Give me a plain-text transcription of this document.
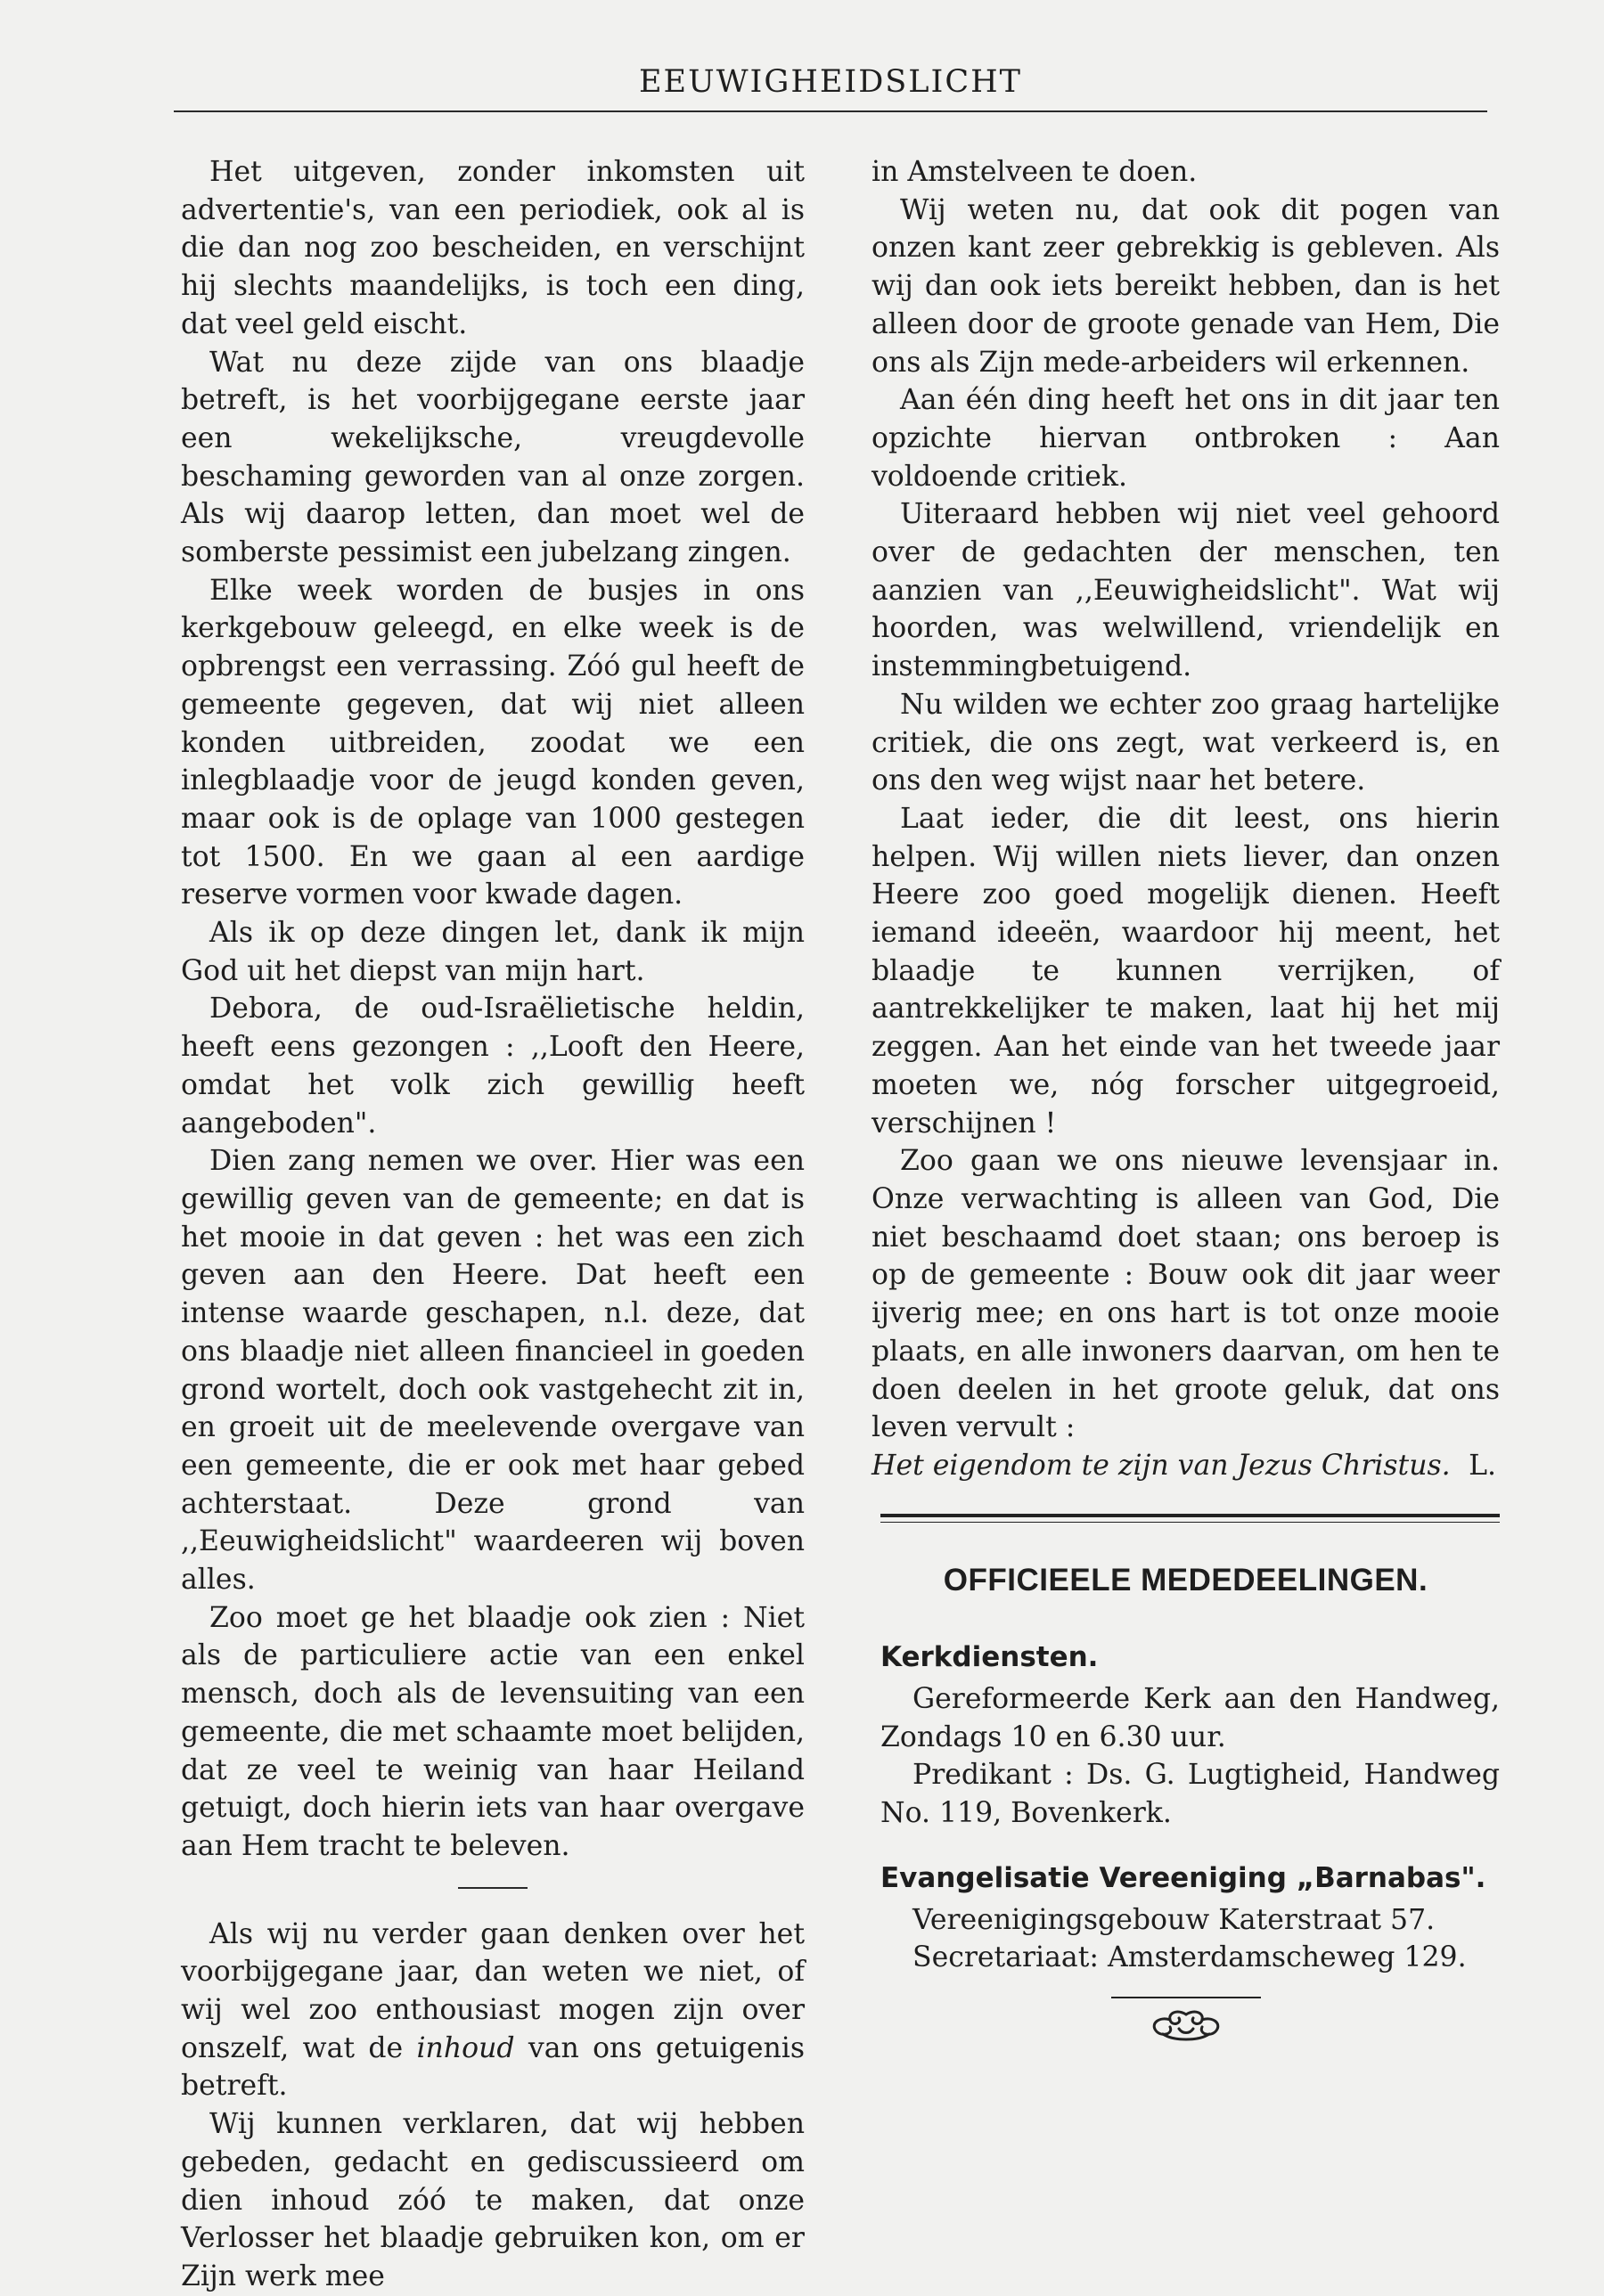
EEUWIGHEIDSLICHT

Het uitgeven, zonder inkomsten uit advertentie's, van een periodiek, ook al is die dan nog zoo bescheiden, en verschijnt hij slechts maandelijks, is toch een ding, dat veel geld eischt.

Wat nu deze zijde van ons blaadje betreft, is het voorbijgegane eerste jaar een wekelijksche, vreugdevolle beschaming geworden van al onze zorgen. Als wij daarop letten, dan moet wel de somberste pessimist een jubelzang zingen.

Elke week worden de busjes in ons kerkgebouw geleegd, en elke week is de opbrengst een verrassing. Zóó gul heeft de gemeente gegeven, dat wij niet alleen konden uitbreiden, zoodat we een inlegblaadje voor de jeugd konden geven, maar ook is de oplage van 1000 gestegen tot 1500. En we gaan al een aardige reserve vormen voor kwade dagen.

Als ik op deze dingen let, dank ik mijn God uit het diepst van mijn hart.

Debora, de oud-Israëlietische heldin, heeft eens gezongen : ,,Looft den Heere, omdat het volk zich gewillig heeft aangeboden".

Dien zang nemen we over. Hier was een gewillig geven van de gemeente; en dat is het mooie in dat geven : het was een zich geven aan den Heere. Dat heeft een intense waarde geschapen, n.l. deze, dat ons blaadje niet alleen financieel in goeden grond wortelt, doch ook vastgehecht zit in, en groeit uit de meelevende overgave van een gemeente, die er ook met haar gebed achterstaat. Deze grond van ,,Eeuwigheidslicht" waardeeren wij boven alles.

Zoo moet ge het blaadje ook zien : Niet als de particuliere actie van een enkel mensch, doch als de levensuiting van een gemeente, die met schaamte moet belijden, dat ze veel te weinig van haar Heiland getuigt, doch hierin iets van haar overgave aan Hem tracht te beleven.

Als wij nu verder gaan denken over het voorbijgegane jaar, dan weten we niet, of wij wel zoo enthousiast mogen zijn over onszelf, wat de inhoud van ons getuigenis betreft.

Wij kunnen verklaren, dat wij hebben gebeden, gedacht en gediscussieerd om dien inhoud zóó te maken, dat onze Verlosser het blaadje gebruiken kon, om er Zijn werk mee

in Amstelveen te doen.

Wij weten nu, dat ook dit pogen van onzen kant zeer gebrekkig is gebleven. Als wij dan ook iets bereikt hebben, dan is het alleen door de groote genade van Hem, Die ons als Zijn mede-arbeiders wil erkennen.

Aan één ding heeft het ons in dit jaar ten opzichte hiervan ontbroken : Aan voldoende critiek.

Uiteraard hebben wij niet veel gehoord over de gedachten der menschen, ten aanzien van ,,Eeuwigheidslicht". Wat wij hoorden, was welwillend, vriendelijk en instemmingbetuigend.

Nu wilden we echter zoo graag hartelijke critiek, die ons zegt, wat verkeerd is, en ons den weg wijst naar het betere.

Laat ieder, die dit leest, ons hierin helpen. Wij willen niets liever, dan onzen Heere zoo goed mogelijk dienen. Heeft iemand ideeën, waardoor hij meent, het blaadje te kunnen verrijken, of aantrekkelijker te maken, laat hij het mij zeggen. Aan het einde van het tweede jaar moeten we, nóg forscher uitgegroeid, verschijnen !

Zoo gaan we ons nieuwe levensjaar in. Onze verwachting is alleen van God, Die niet beschaamd doet staan; ons beroep is op de gemeente : Bouw ook dit jaar weer ijverig mee; en ons hart is tot onze mooie plaats, en alle inwoners daarvan, om hen te doen deelen in het groote geluk, dat ons leven vervult :

Het eigendom te zijn van Jezus Christus. L.
OFFICIEELE MEDEDEELINGEN.
Kerkdiensten.

Gereformeerde Kerk aan den Handweg, Zondags 10 en 6.30 uur.

Predikant : Ds. G. Lugtigheid, Handweg No. 119, Bovenkerk.

Evangelisatie Vereeniging „Barnabas".

Vereenigingsgebouw Katerstraat 57.

Secretariaat: Amsterdamscheweg 129.
